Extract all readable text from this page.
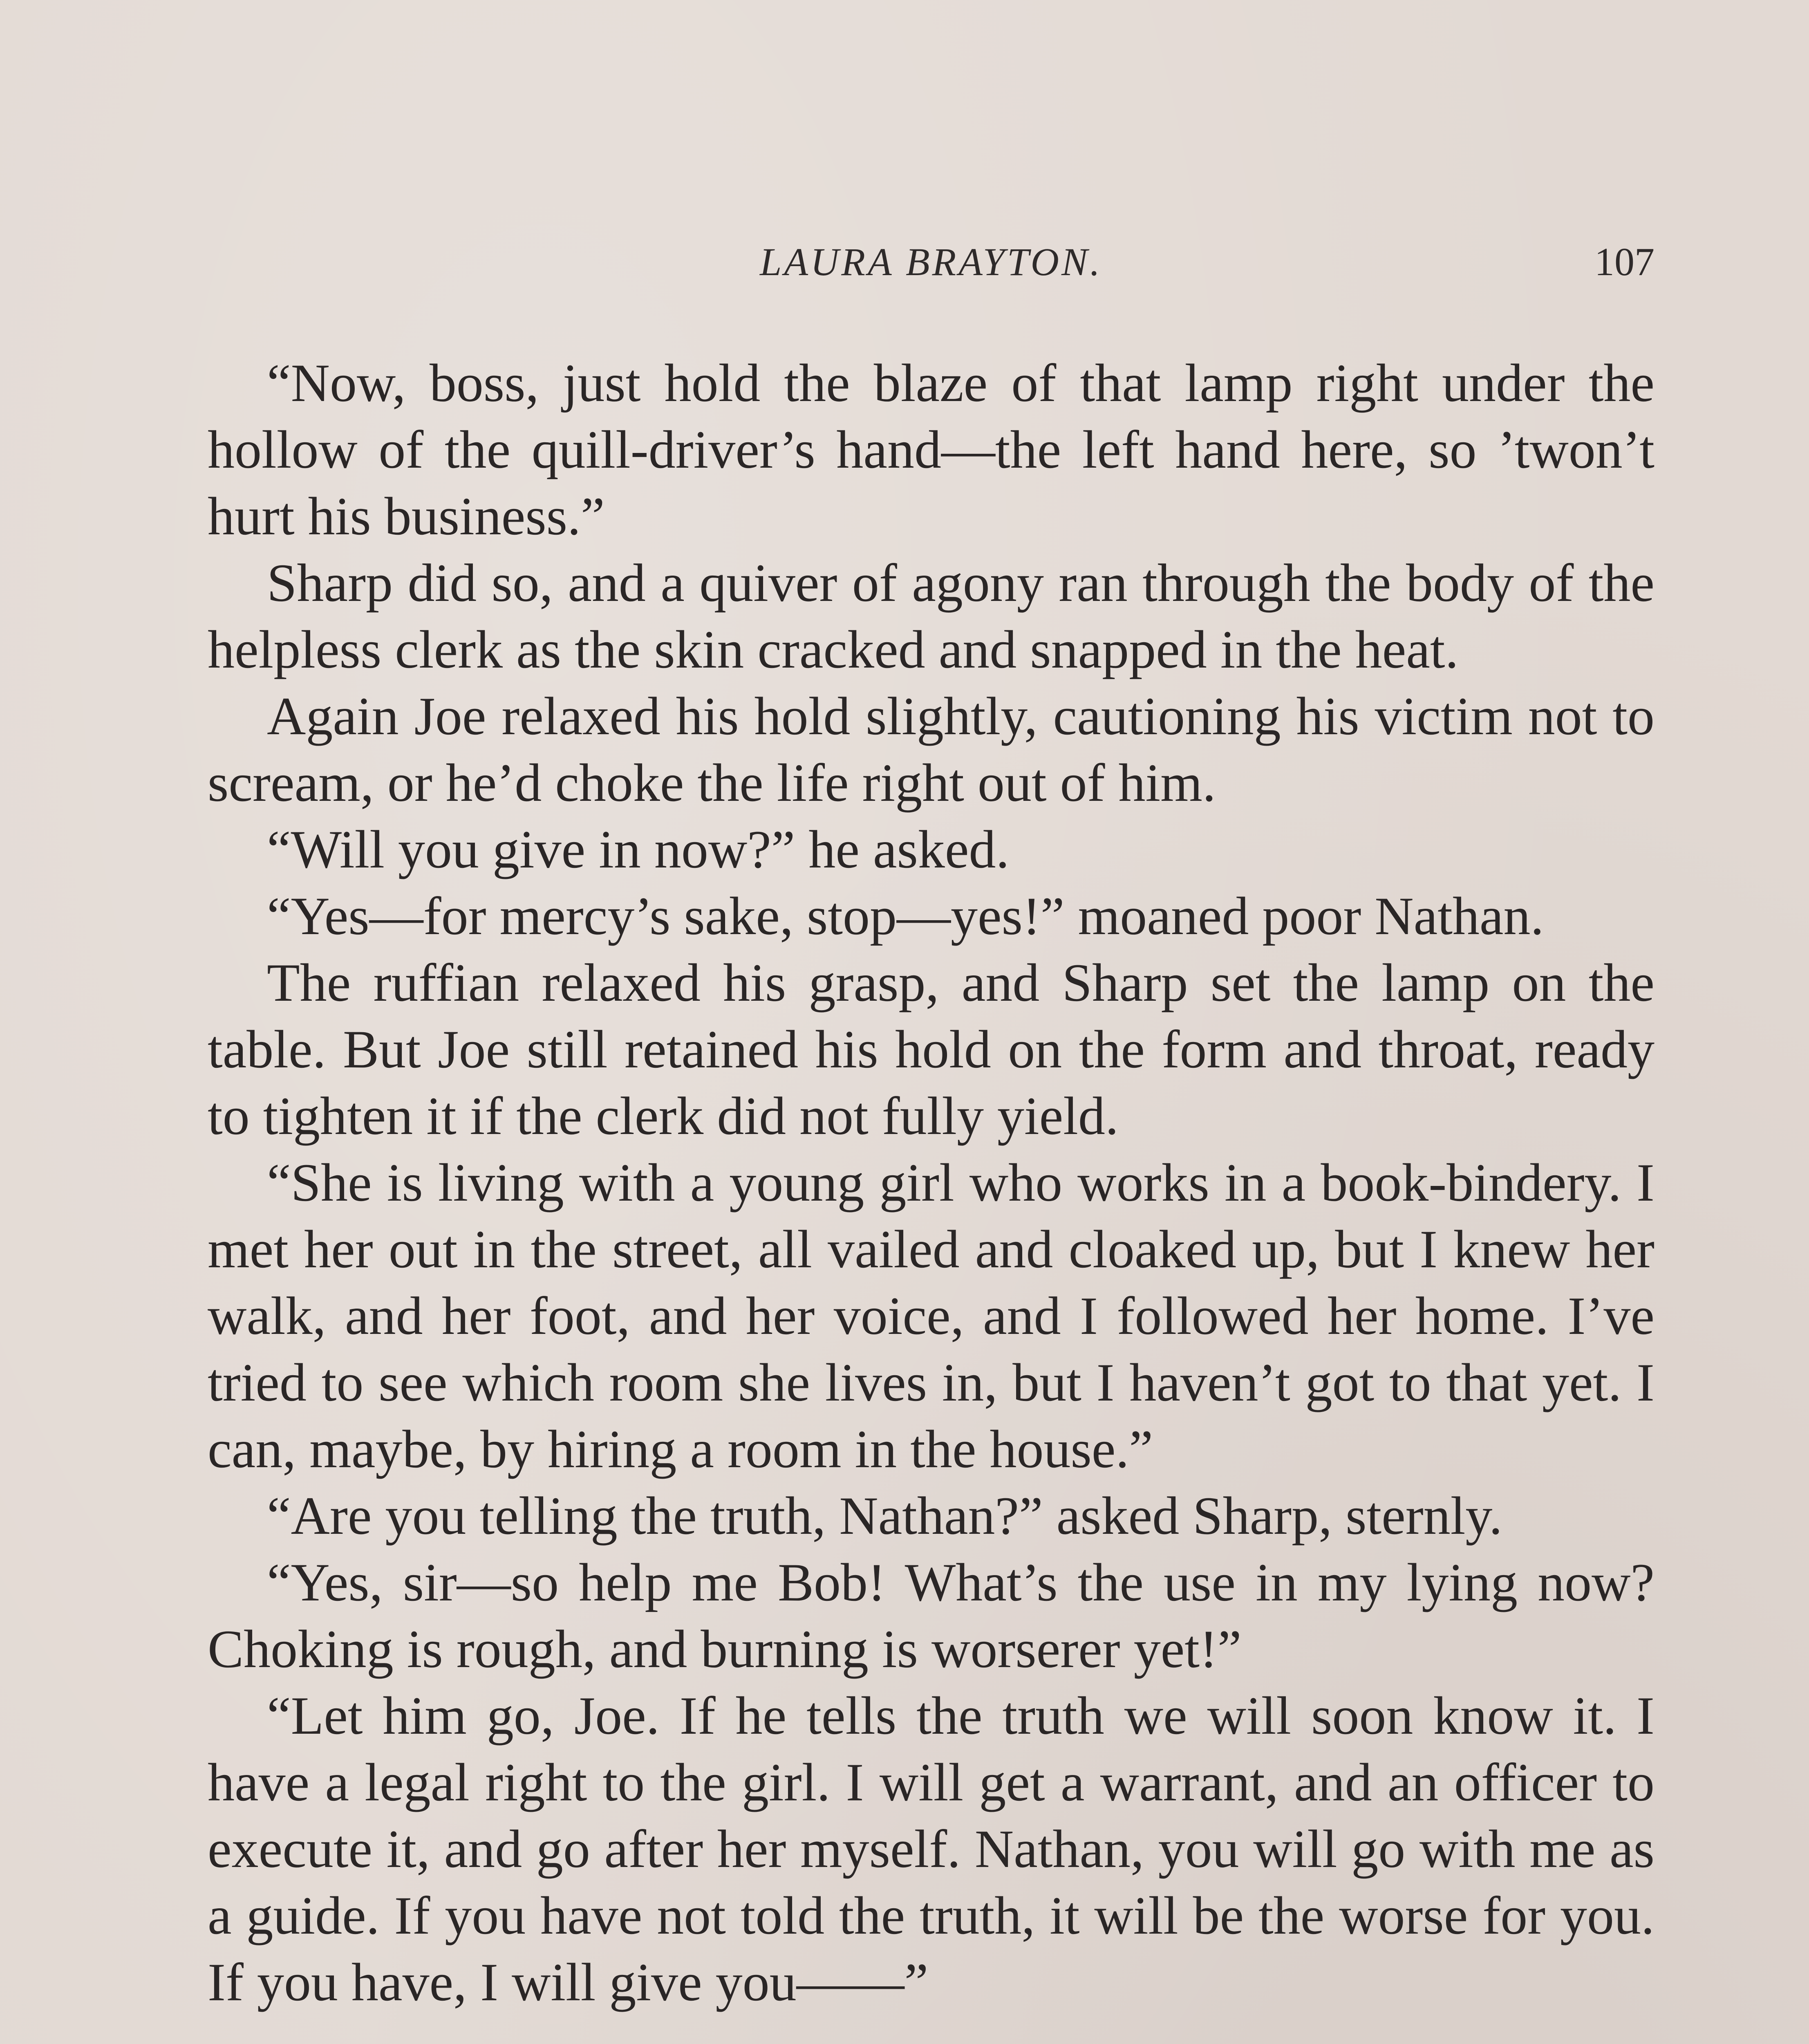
LAURA BRAYTON.	107

“Now, boss, just hold the blaze of that lamp right under the hollow of the quill-driver’s hand—the left hand here, so ’twon’t hurt his business.”

Sharp did so, and a quiver of agony ran through the body of the helpless clerk as the skin cracked and snapped in the heat.

Again Joe relaxed his hold slightly, cautioning his victim not to scream, or he’d choke the life right out of him.

“Will you give in now?” he asked.

“Yes—for mercy’s sake, stop—yes!” moaned poor Nathan.

The ruffian relaxed his grasp, and Sharp set the lamp on the table. But Joe still retained his hold on the form and throat, ready to tighten it if the clerk did not fully yield.

“She is living with a young girl who works in a book-bindery. I met her out in the street, all vailed and cloaked up, but I knew her walk, and her foot, and her voice, and I followed her home. I’ve tried to see which room she lives in, but I haven’t got to that yet. I can, maybe, by hiring a room in the house.”

“Are you telling the truth, Nathan?” asked Sharp, sternly.

“Yes, sir—so help me Bob! What’s the use in my lying now? Choking is rough, and burning is worserer yet!”

“Let him go, Joe. If he tells the truth we will soon know it. I have a legal right to the girl. I will get a warrant, and an officer to execute it, and go after her myself. Nathan, you will go with me as a guide. If you have not told the truth, it will be the worse for you. If you have, I will give you——”
